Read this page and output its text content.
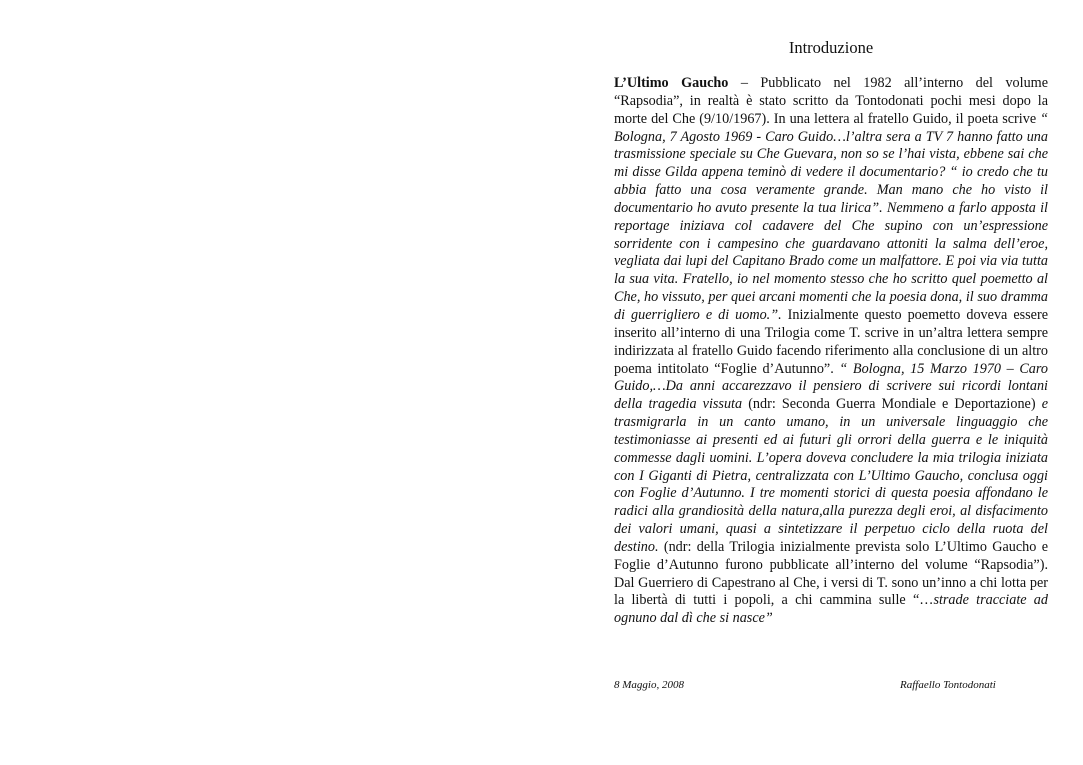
Introduzione
L’Ultimo Gaucho – Pubblicato nel 1982 all’interno del volume “Rapsodia”, in realtà è stato scritto da Tontodonati pochi mesi dopo la morte del Che (9/10/1967). In una lettera al fratello Guido, il poeta scrive “ Bologna, 7 Agosto 1969 - Caro Guido…l’altra sera a TV 7 hanno fatto una trasmissione speciale su Che Guevara, non so se l’hai vista, ebbene sai che mi disse Gilda appena teminò di vedere il documentario? “ io credo che tu abbia fatto una cosa veramente grande. Man mano che ho visto il documentario ho avuto presente la tua lirica”. Nemmeno a farlo apposta il reportage iniziava col cadavere del Che supino con un’espressione sorridente con i campesino che guardavano attoniti la salma dell’eroe, vegliata dai lupi del Capitano Brado come un malfattore. E poi via via tutta la sua vita. Fratello, io nel momento stesso che ho scritto quel poemetto al Che, ho vissuto, per quei arcani momenti che la poesia dona, il suo dramma di guerrigliero e di uomo.”. Inizialmente questo poemetto doveva essere inserito all’interno di una Trilogia come T. scrive in un’altra lettera sempre indirizzata al fratello Guido facendo riferimento alla conclusione di un altro poema intitolato “Foglie d’Autunno”. “ Bologna, 15 Marzo 1970 – Caro Guido,…Da anni accarezzavo il pensiero di scrivere sui ricordi lontani della tragedia vissuta (ndr: Seconda Guerra Mondiale e Deportazione) e trasmigrarla in un canto umano, in un universale linguaggio che testimoniasse ai presenti ed ai futuri gli orrori della guerra e le iniquità commesse dagli uomini. L’opera doveva concludere la mia trilogia iniziata con I Giganti di Pietra, centralizzata con L’Ultimo Gaucho, conclusa oggi con Foglie d’Autunno. I tre momenti storici di questa poesia affondano le radici alla grandiosità della natura,alla purezza degli eroi, al disfacimento dei valori umani, quasi a sintetizzare il perpetuo ciclo della ruota del destino. (ndr: della Trilogia inizialmente prevista solo L’Ultimo Gaucho e Foglie d’Autunno furono pubblicate all’interno del volume “Rapsodia”). Dal Guerriero di Capestrano al Che, i versi di T. sono un’inno a chi lotta per la libertà di tutti i popoli, a chi cammina sulle “…strade tracciate ad ognuno dal dì che si nasce”
8 Maggio, 2008	Raffaello Tontodonati
